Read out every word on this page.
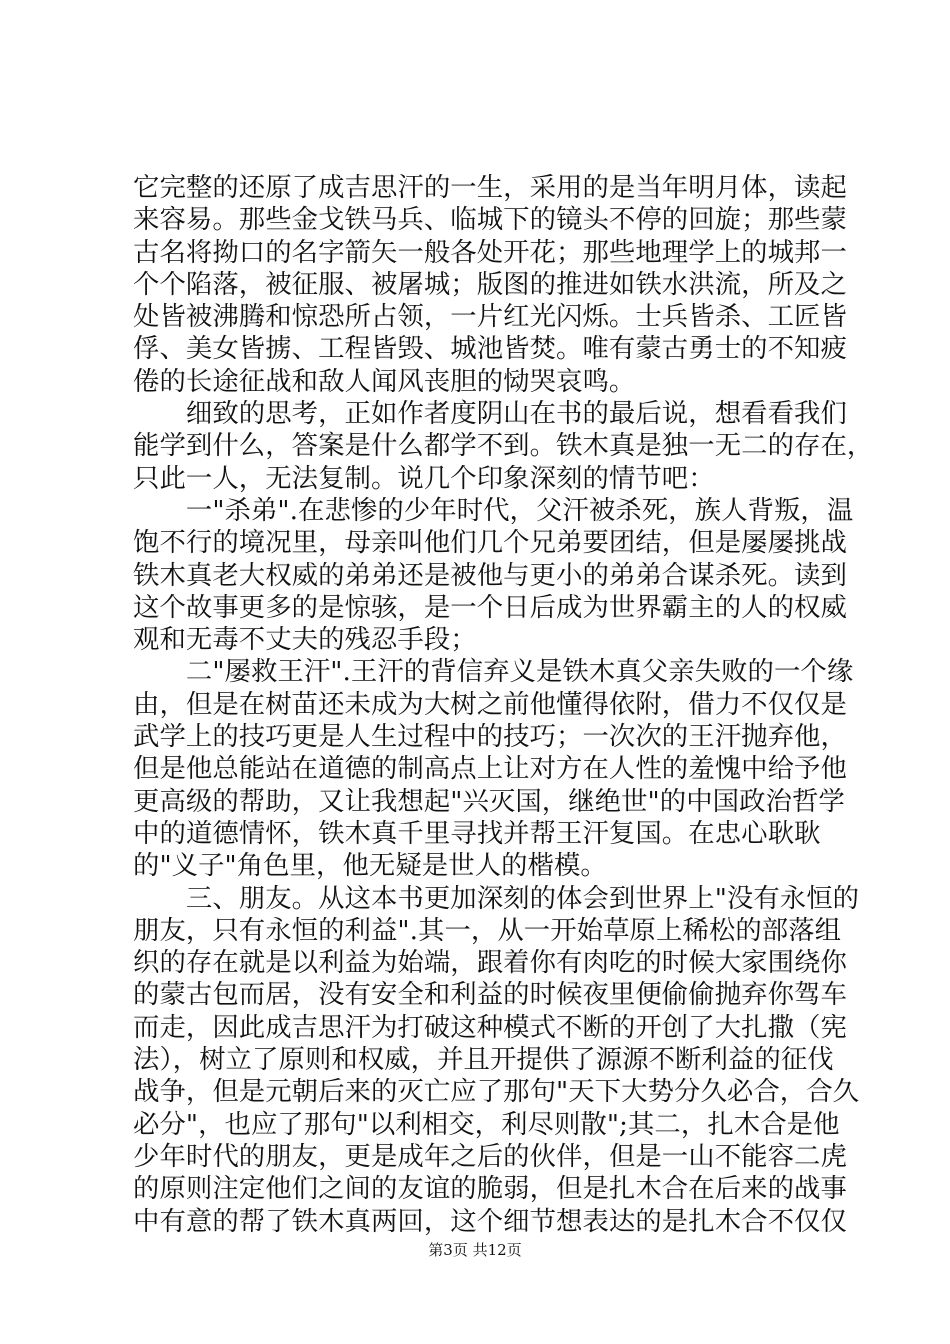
它完整的还原了成吉思汗的一生，采用的是当年明月体，读起
来容易。那些金戈铁马兵、临城下的镜头不停的回旋；那些蒙
古名将拗口的名字箭矢一般各处开花；那些地理学上的城邦一
个个陷落，被征服、被屠城；版图的推进如铁水洪流，所及之
处皆被沸腾和惊恐所占领，一片红光闪烁。士兵皆杀、工匠皆
俘、美女皆掳、工程皆毁、城池皆焚。唯有蒙古勇士的不知疲
倦的长途征战和敌人闻风丧胆的恸哭哀鸣。
　　细致的思考，正如作者度阴山在书的最后说，想看看我们
能学到什么，答案是什么都学不到。铁木真是独一无二的存在，
只此一人，无法复制。说几个印象深刻的情节吧：
　　一"杀弟".在悲惨的少年时代，父汗被杀死，族人背叛，温
饱不行的境况里，母亲叫他们几个兄弟要团结，但是屡屡挑战
铁木真老大权威的弟弟还是被他与更小的弟弟合谋杀死。读到
这个故事更多的是惊骇，是一个日后成为世界霸主的人的权威
观和无毒不丈夫的残忍手段；
　　二"屡救王汗".王汗的背信弃义是铁木真父亲失败的一个缘
由，但是在树苗还未成为大树之前他懂得依附，借力不仅仅是
武学上的技巧更是人生过程中的技巧；一次次的王汗抛弃他，
但是他总能站在道德的制高点上让对方在人性的羞愧中给予他
更高级的帮助，又让我想起"兴灭国，继绝世"的中国政治哲学
中的道德情怀，铁木真千里寻找并帮王汗复国。在忠心耿耿
的"义子"角色里，他无疑是世人的楷模。
　　三、朋友。从这本书更加深刻的体会到世界上"没有永恒的
朋友，只有永恒的利益".其一，从一开始草原上稀松的部落组
织的存在就是以利益为始端，跟着你有肉吃的时候大家围绕你
的蒙古包而居，没有安全和利益的时候夜里便偷偷抛弃你驾车
而走，因此成吉思汗为打破这种模式不断的开创了大扎撒（宪
法），树立了原则和权威，并且开提供了源源不断利益的征伐
战争，但是元朝后来的灭亡应了那句"天下大势分久必合，合久
必分"，也应了那句"以利相交，利尽则散";其二，扎木合是他
少年时代的朋友，更是成年之后的伙伴，但是一山不能容二虎
的原则注定他们之间的友谊的脆弱，但是扎木合在后来的战事
中有意的帮了铁木真两回，这个细节想表达的是扎木合不仅仅
第3页 共12页
